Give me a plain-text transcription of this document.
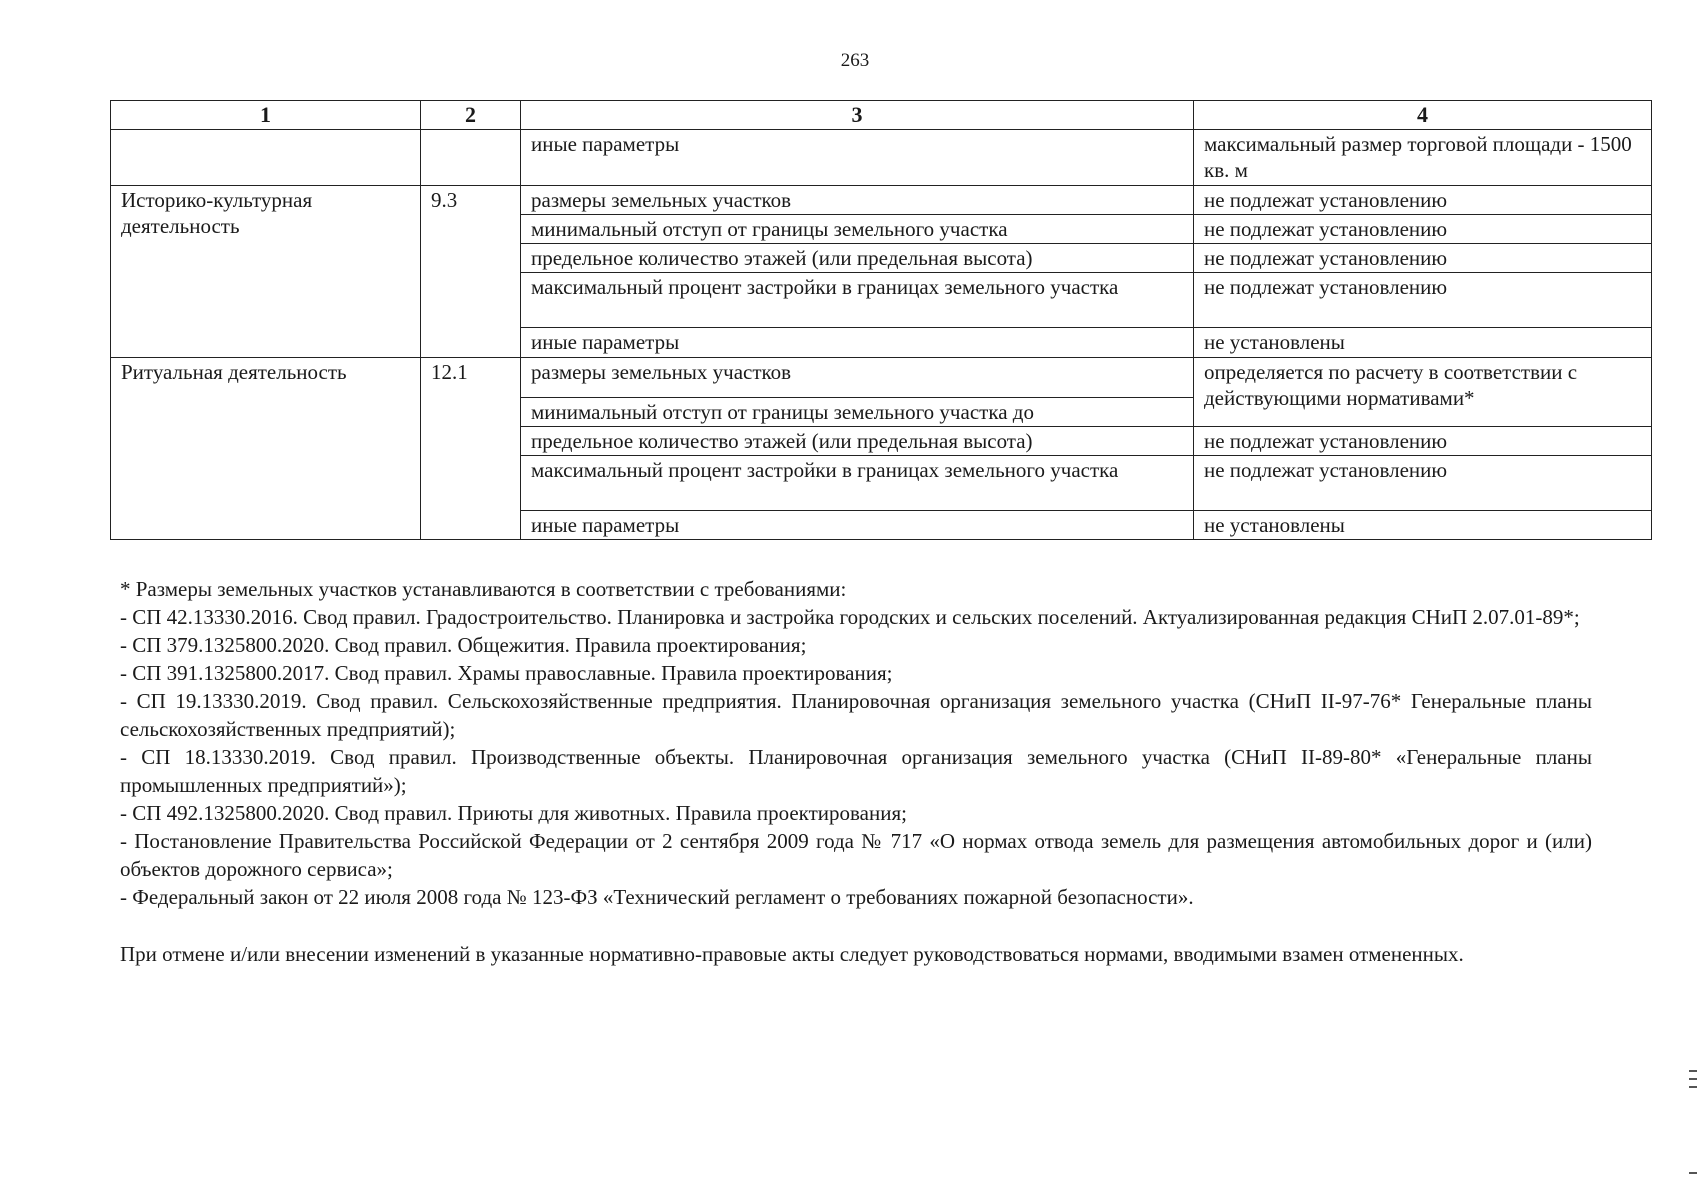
263
1	2	3	4
		иные параметры	максимальный размер торговой площади - 1500 кв. м
Историко-культурная деятельность	9.3	размеры земельных участков	не подлежат установлению
		минимальный отступ от границы земельного участка	не подлежат установлению
		предельное количество этажей (или предельная высота)	не подлежат установлению
		максимальный процент застройки в границах земельного участка	не подлежат установлению
		иные параметры	не установлены
Ритуальная деятельность	12.1	размеры земельных участков	определяется по расчету в соответствии с действующими нормативами*
		минимальный отступ от границы земельного участка до	
		предельное количество этажей (или предельная высота)	не подлежат установлению
		максимальный процент застройки в границах земельного участка	не подлежат установлению
		иные параметры	не установлены

* Размеры земельных участков устанавливаются в соответствии с требованиями:

- СП 42.13330.2016. Свод правил. Градостроительство. Планировка и застройка городских и сельских поселений. Актуализированная редакция СНиП 2.07.01-89*;

- СП 379.1325800.2020. Свод правил. Общежития. Правила проектирования;

- СП 391.1325800.2017. Свод правил. Храмы православные. Правила проектирования;

- СП 19.13330.2019. Свод правил. Сельскохозяйственные предприятия. Планировочная организация земельного участка (СНиП II-97-76* Генеральные планы сельскохозяйственных предприятий);

- СП 18.13330.2019. Свод правил. Производственные объекты. Планировочная организация земельного участка (СНиП II-89-80* «Генеральные планы промышленных предприятий»);

- СП 492.1325800.2020. Свод правил. Приюты для животных. Правила проектирования;

- Постановление Правительства Российской Федерации от 2 сентября 2009 года № 717 «О нормах отвода земель для размещения автомобильных дорог и (или) объектов дорожного сервиса»;

- Федеральный закон от 22 июля 2008 года № 123-ФЗ «Технический регламент о требованиях пожарной безопасности».

При отмене и/или внесении изменений в указанные нормативно-правовые акты следует руководствоваться нормами, вводимыми взамен отмененных.
